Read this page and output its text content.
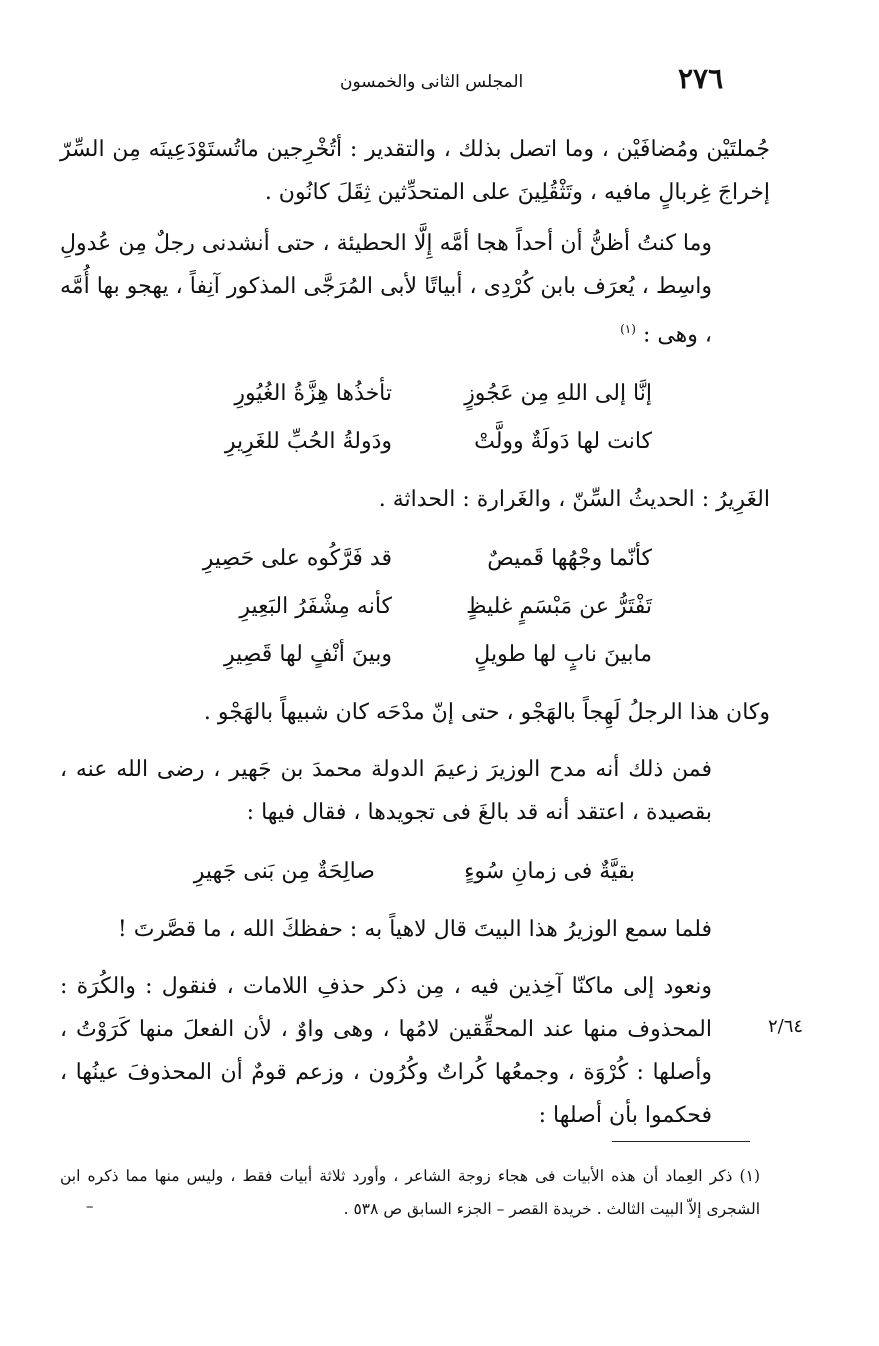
٢٧٦
المجلس الثانى والخمسون

جُملتَيْن ومُضافَيْن ، وما اتصل بذلك ، والتقدير : أتُخْرِجين ماتُستَوْدَعِينَه مِن السِّرّ إخراجَ غِربالٍ مافيه ، وتَثْقُلِينَ على المتحدِّثين ثِقَلَ كانُون .

وما كنتُ أظنُّ أن أحداً هجا أمَّه إِلَّا الحطيئة ، حتى أنشدنى رجلٌ مِن عُدولِ واسِط ، يُعرَف بابن كُرْدِى ، أبياتًا لأبى المُرَجَّى المذكور آنِفاً ، يهجو بها أُمَّه ، وهى : $^{(١)}$

إنَّا إلى اللهِ مِن عَجُوزٍ
تأخذُها هِزَّةُ الغُيُورِ
كانت لها دَولَةٌ وولَّتْ
ودَولةُ الحُبِّ للغَرِيرِ

الغَرِيرُ : الحديثُ السِّنّ ، والغَرارة : الحداثة .

كأنّما وجْهُها قَميصٌ
قد فَرَّكُوه على حَصِيرِ
تَفْتَرُّ عن مَبْسَمٍ غليظٍ
كأنه مِشْفَرُ البَعِيرِ
مابينَ نابٍ لها طويلٍ
وبينَ أنْفٍ لها قَصِيرِ

وكان هذا الرجلُ لَهِجاً بالهَجْو ، حتى إنّ مدْحَه كان شبيهاً بالهَجْو .

فمن ذلك أنه مدح الوزيرَ زعيمَ الدولة محمدَ بن جَهير ، رضى الله عنه ، بقصيدة ، اعتقد أنه قد بالغَ فى تجويدها ، فقال فيها :

بقيَّةٌ فى زمانِ سُوءٍ
صالِحَةٌ مِن بَنى جَهيرِ

فلما سمع الوزيرُ هذا البيتَ قال لاهياً به : حفظكَ الله ، ما قصَّرتَ !

ونعود إلى ماكنّا آخِذين فيه ، مِن ذكر حذفِ اللامات ، فنقول : والكُرَة : المحذوف منها عند المحقِّقين لامُها ، وهى واوٌ ، لأن الفعلَ منها كَرَوْتُ ، وأصلها : كُرْوَة ، وجمعُها كُراتٌ وكُرُون ، وزعم قومٌ أن المحذوفَ عينُها ، فحكموا بأن أصلها :

٢/٦٤
(١) ذكر العِماد أن هذه الأبيات فى هجاء زوجة الشاعر ، وأورد ثلاثة أبيات فقط ، وليس منها مما ذكره ابن الشجرى إلاّ البيت الثالث . خريدة القصر – الجزء السابق ص ٥٣٨ .
–
